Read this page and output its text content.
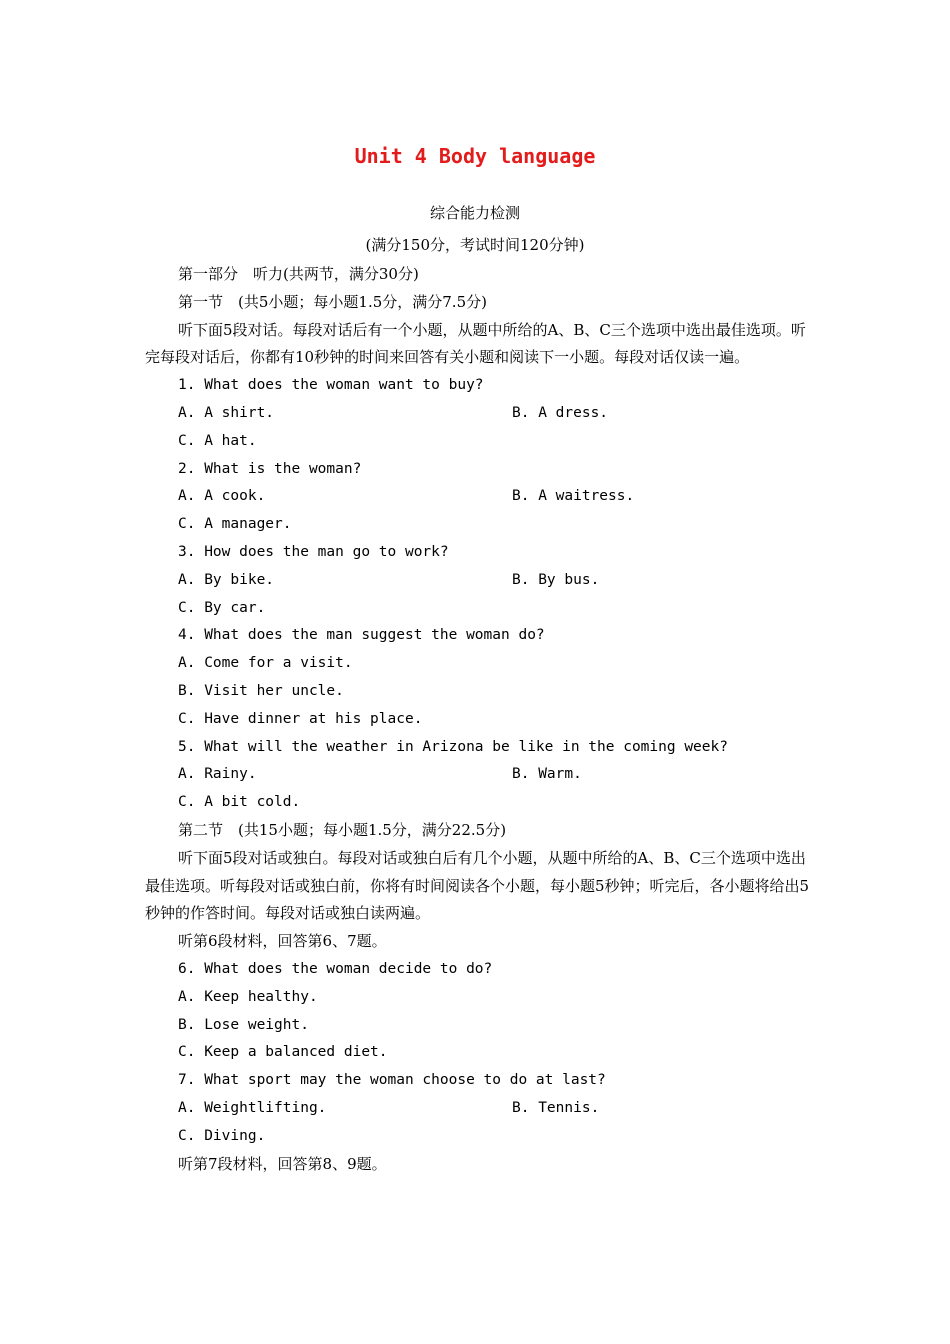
Unit 4 Body language
综合能力检测
(满分150分，考试时间120分钟)
第一部分　听力(共两节，满分30分)
第一节　(共5小题；每小题1.5分，满分7.5分)
听下面5段对话。每段对话后有一个小题，从题中所给的A、B、C三个选项中选出最佳选项。听完每段对话后，你都有10秒钟的时间来回答有关小题和阅读下一小题。每段对话仅读一遍。
1. What does the woman want to buy?
A. A shirt.	B. A dress.
C. A hat.
2. What is the woman?
A. A cook.	B. A waitress.
C. A manager.
3. How does the man go to work?
A. By bike.	B. By bus.
C. By car.
4. What does the man suggest the woman do?
A. Come for a visit.
B. Visit her uncle.
C. Have dinner at his place.
5. What will the weather in Arizona be like in the coming week?
A. Rainy.	B. Warm.
C. A bit cold.
第二节　(共15小题；每小题1.5分，满分22.5分)
听下面5段对话或独白。每段对话或独白后有几个小题，从题中所给的A、B、C三个选项中选出最佳选项。听每段对话或独白前，你将有时间阅读各个小题，每小题5秒钟；听完后，各小题将给出5秒钟的作答时间。每段对话或独白读两遍。
听第6段材料，回答第6、7题。
6. What does the woman decide to do?
A. Keep healthy.
B. Lose weight.
C. Keep a balanced diet.
7. What sport may the woman choose to do at last?
A. Weightlifting.	B. Tennis.
C. Diving.
听第7段材料，回答第8、9题。
